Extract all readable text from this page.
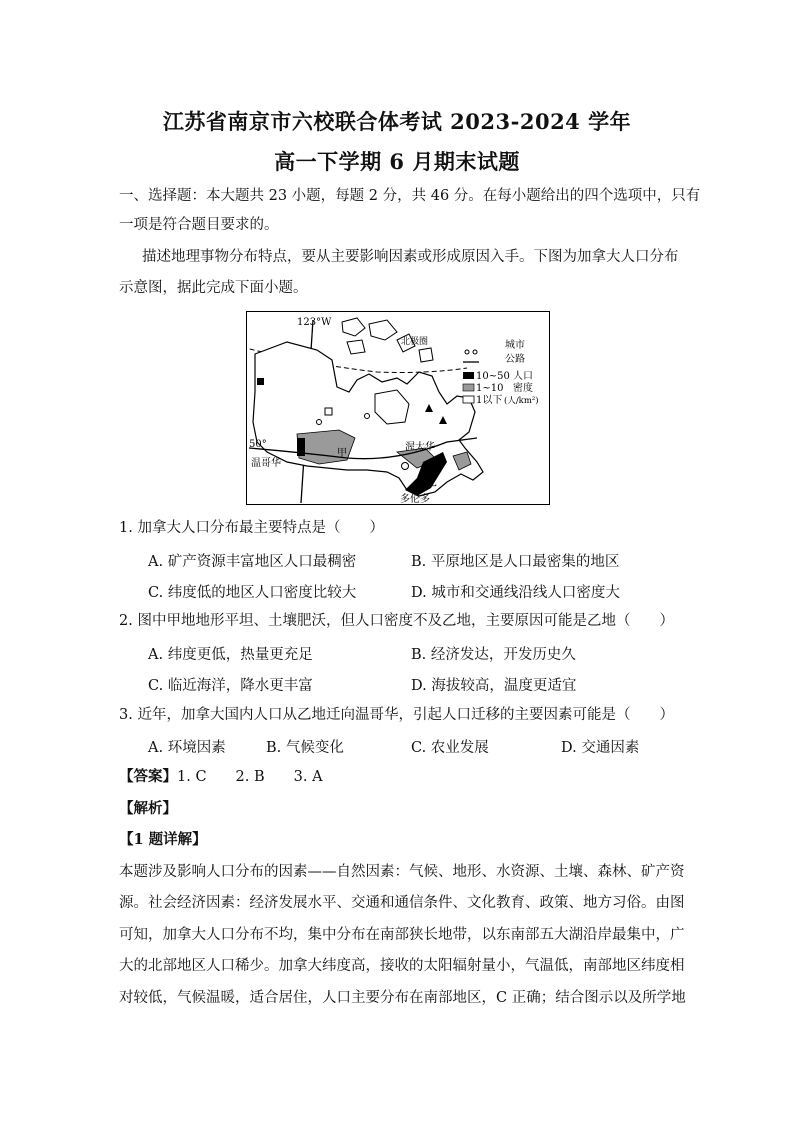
江苏省南京市六校联合体考试 2023-2024 学年
高一下学期 6 月期末试题
一、选择题：本大题共 23 小题，每题 2 分，共 46 分。在每小题给出的四个选项中，只有
一项是符合题目要求的。
描述地理事物分布特点，要从主要影响因素或形成原因入手。下图为加拿大人口分布
示意图，据此完成下面小题。
城市
公路
10~50 人口
1~10 密度
1以下 (人/km²)
123°W
北极圈
50°
温哥华
甲
渥太华
乙
多伦多
1. 加拿大人口分布最主要特点是（　　）
A. 矿产资源丰富地区人口最稠密	B. 平原地区是人口最密集的地区
C. 纬度低的地区人口密度比较大	D. 城市和交通线沿线人口密度大
2. 图中甲地地形平坦、土壤肥沃，但人口密度不及乙地，主要原因可能是乙地（　　）
A. 纬度更低，热量更充足	B. 经济发达，开发历史久
C. 临近海洋，降水更丰富	D. 海拔较高，温度更适宜
3. 近年，加拿大国内人口从乙地迁向温哥华，引起人口迁移的主要因素可能是（　　）
A. 环境因素	B. 气候变化	C. 农业发展	D. 交通因素
【答案】1. C　　2. B　　3. A
【解析】
【1 题详解】
本题涉及影响人口分布的因素——自然因素：气候、地形、水资源、土壤、森林、矿产资
源。社会经济因素：经济发展水平、交通和通信条件、文化教育、政策、地方习俗。由图
可知，加拿大人口分布不均，集中分布在南部狭长地带，以东南部五大湖沿岸最集中，广
大的北部地区人口稀少。加拿大纬度高，接收的太阳辐射量小，气温低，南部地区纬度相
对较低，气候温暖，适合居住，人口主要分布在南部地区，C 正确；结合图示以及所学地
